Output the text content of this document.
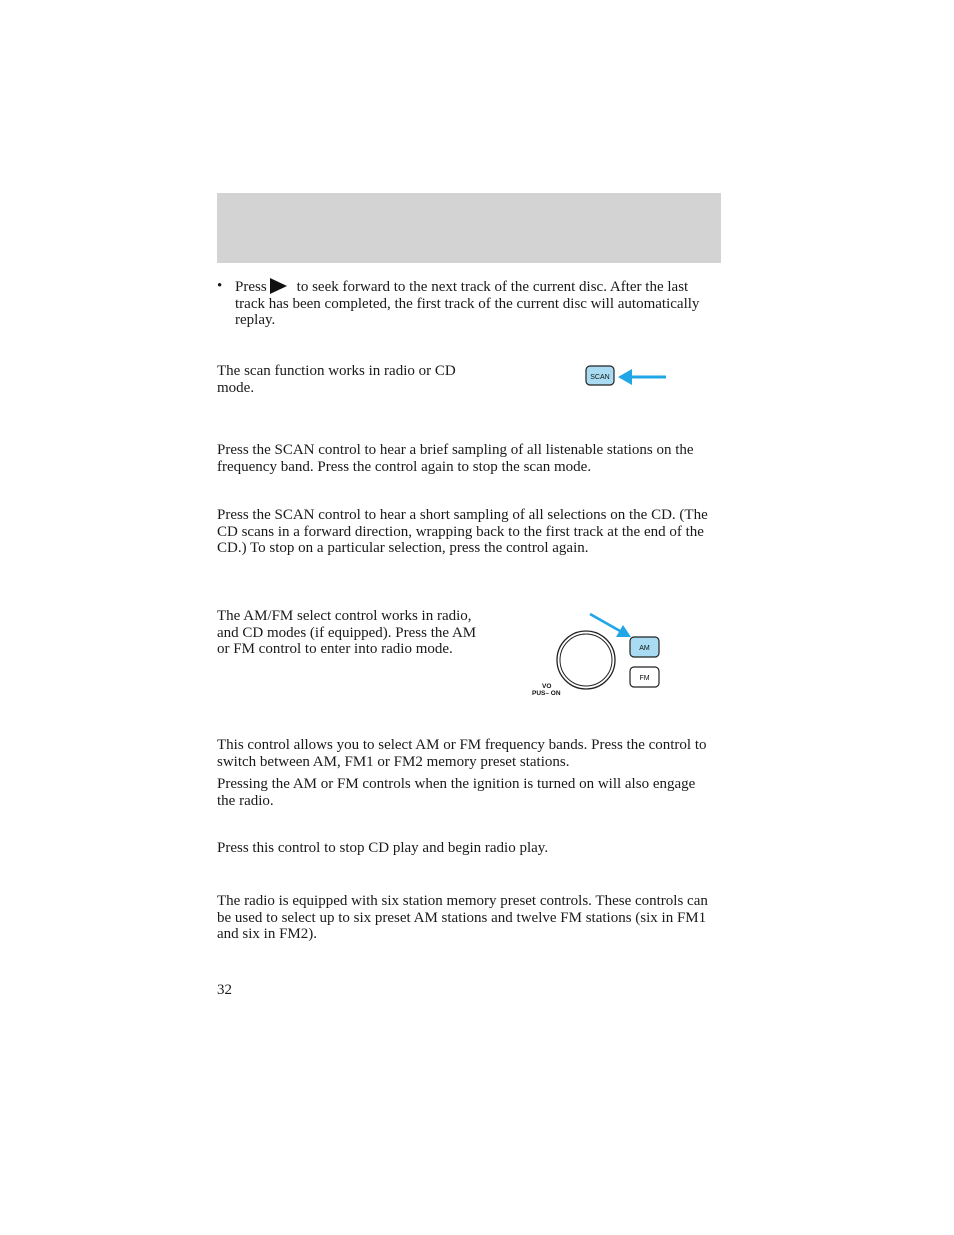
• Press to seek forward to the next track of the current disc. After the last track has been completed, the first track of the current disc will automatically replay.

The scan function works in radio or CD mode.

SCAN

Press the SCAN control to hear a brief sampling of all listenable stations on the frequency band. Press the control again to stop the scan mode.

Press the SCAN control to hear a short sampling of all selections on the CD. (The CD scans in a forward direction, wrapping back to the first track at the end of the CD.) To stop on a particular selection, press the control again.

The AM/FM select control works in radio, and CD modes (if equipped). Press the AM or FM control to enter into radio mode.

VO
PUS– ON
AM
FM

This control allows you to select AM or FM frequency bands. Press the control to switch between AM, FM1 or FM2 memory preset stations.

Pressing the AM or FM controls when the ignition is turned on will also engage the radio.

Press this control to stop CD play and begin radio play.

The radio is equipped with six station memory preset controls. These controls can be used to select up to six preset AM stations and twelve FM stations (six in FM1 and six in FM2).

32
